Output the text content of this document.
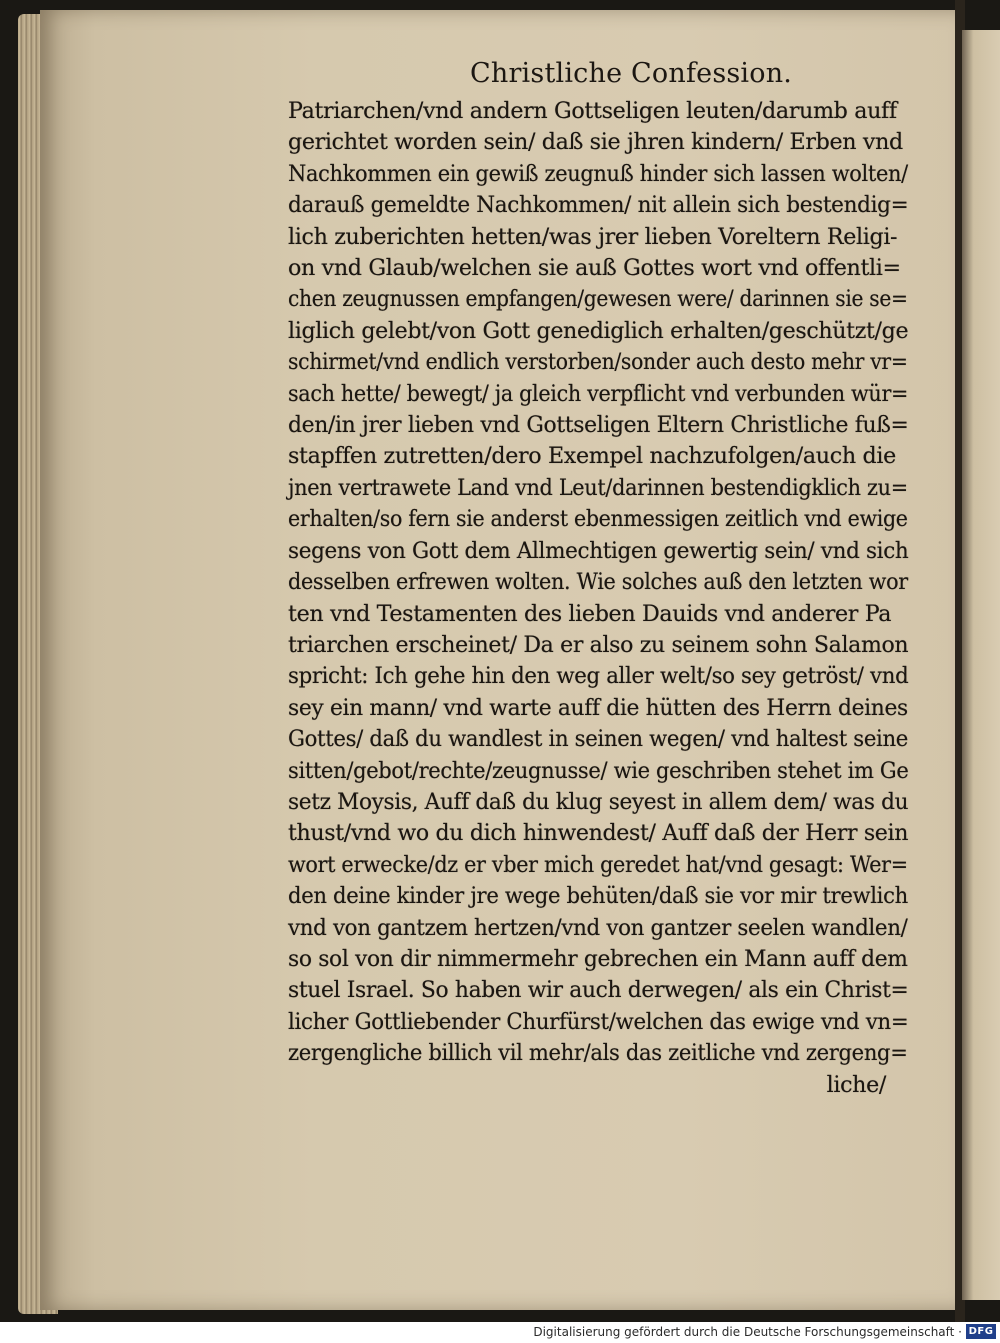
Christliche Confession.
Patriarchen/vnd andern Gottseligen leuten/darumb auff
gerichtet worden sein/ daß sie jhren kindern/ Erben vnd
Nachkommen ein gewiß zeugnuß hinder sich lassen wolten/
darauß gemeldte Nachkommen/ nit allein sich bestendig=
lich zuberichten hetten/was jrer lieben Voreltern Religi-
on vnd Glaub/welchen sie auß Gottes wort vnd offentli=
chen zeugnussen empfangen/gewesen were/ darinnen sie se=
liglich gelebt/von Gott genediglich erhalten/geschützt/ge
schirmet/vnd endlich verstorben/sonder auch desto mehr vr=
sach hette/ bewegt/ ja gleich verpflicht vnd verbunden wür=
den/in jrer lieben vnd Gottseligen Eltern Christliche fuß=
stapffen zutretten/dero Exempel nachzufolgen/auch die
jnen vertrawete Land vnd Leut/darinnen bestendigklich zu=
erhalten/so fern sie anderst ebenmessigen zeitlich vnd ewige
segens von Gott dem Allmechtigen gewertig sein/ vnd sich
desselben erfrewen wolten. Wie solches auß den letzten wor
ten vnd Testamenten des lieben Dauids vnd anderer Pa
triarchen erscheinet/ Da er also zu seinem sohn Salamon
spricht: Ich gehe hin den weg aller welt/so sey getröst/ vnd
sey ein mann/ vnd warte auff die hütten des Herrn deines
Gottes/ daß du wandlest in seinen wegen/ vnd haltest seine
sitten/gebot/rechte/zeugnusse/ wie geschriben stehet im Ge
setz Moysis, Auff daß du klug seyest in allem dem/ was du
thust/vnd wo du dich hinwendest/ Auff daß der Herr sein
wort erwecke/dz er vber mich geredet hat/vnd gesagt: Wer=
den deine kinder jre wege behüten/daß sie vor mir trewlich
vnd von gantzem hertzen/vnd von gantzer seelen wandlen/
so sol von dir nimmermehr gebrechen ein Mann auff dem
stuel Israel. So haben wir auch derwegen/ als ein Christ=
licher Gottliebender Churfürst/welchen das ewige vnd vn=
zergengliche billich vil mehr/als das zeitliche vnd zergeng=
liche/
Digitalisierung gefördert durch die Deutsche Forschungsgemeinschaft · DFG
